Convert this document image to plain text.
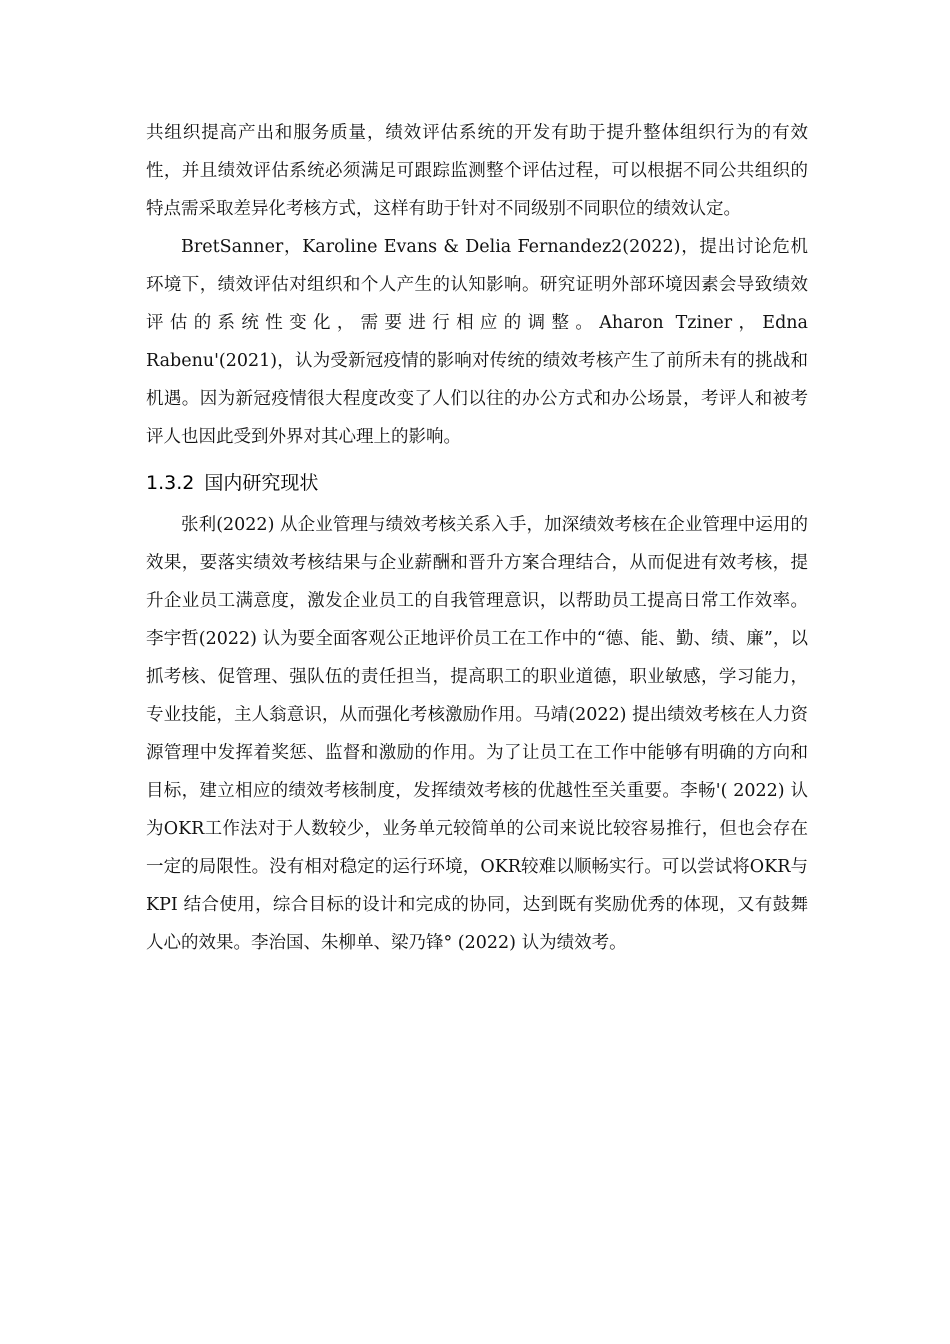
共组织提高产出和服务质量，绩效评估系统的开发有助于提升整体组织行为的有效性，并且绩效评估系统必须满足可跟踪监测整个评估过程，可以根据不同公共组织的特点需采取差异化考核方式，这样有助于针对不同级别不同职位的绩效认定。

BretSanner，Karoline Evans & Delia Fernandez2(2022)，提出讨论危机环境下，绩效评估对组织和个人产生的认知影响。研究证明外部环境因素会导致绩效评估的系统性变化，需要进行相应的调整。Aharon Tziner，Edna Rabenu'(2021)，认为受新冠疫情的影响对传统的绩效考核产生了前所未有的挑战和机遇。因为新冠疫情很大程度改变了人们以往的办公方式和办公场景，考评人和被考评人也因此受到外界对其心理上的影响。

1.3.2 国内研究现状

张利(2022) 从企业管理与绩效考核关系入手，加深绩效考核在企业管理中运用的效果，要落实绩效考核结果与企业薪酬和晋升方案合理结合，从而促进有效考核，提升企业员工满意度，激发企业员工的自我管理意识，以帮助员工提高日常工作效率。李宇哲(2022) 认为要全面客观公正地评价员工在工作中的“德、能、勤、绩、廉”，以抓考核、促管理、强队伍的责任担当，提高职工的职业道德，职业敏感，学习能力，专业技能，主人翁意识，从而强化考核激励作用。马靖(2022) 提出绩效考核在人力资源管理中发挥着奖惩、监督和激励的作用。为了让员工在工作中能够有明确的方向和目标，建立相应的绩效考核制度，发挥绩效考核的优越性至关重要。李畅'( 2022) 认为OKR工作法对于人数较少，业务单元较简单的公司来说比较容易推行，但也会存在一定的局限性。没有相对稳定的运行环境，OKR较难以顺畅实行。可以尝试将OKR与 KPI 结合使用，综合目标的设计和完成的协同，达到既有奖励优秀的体现，又有鼓舞人心的效果。李治国、朱柳单、梁乃锋° (2022) 认为绩效考。
